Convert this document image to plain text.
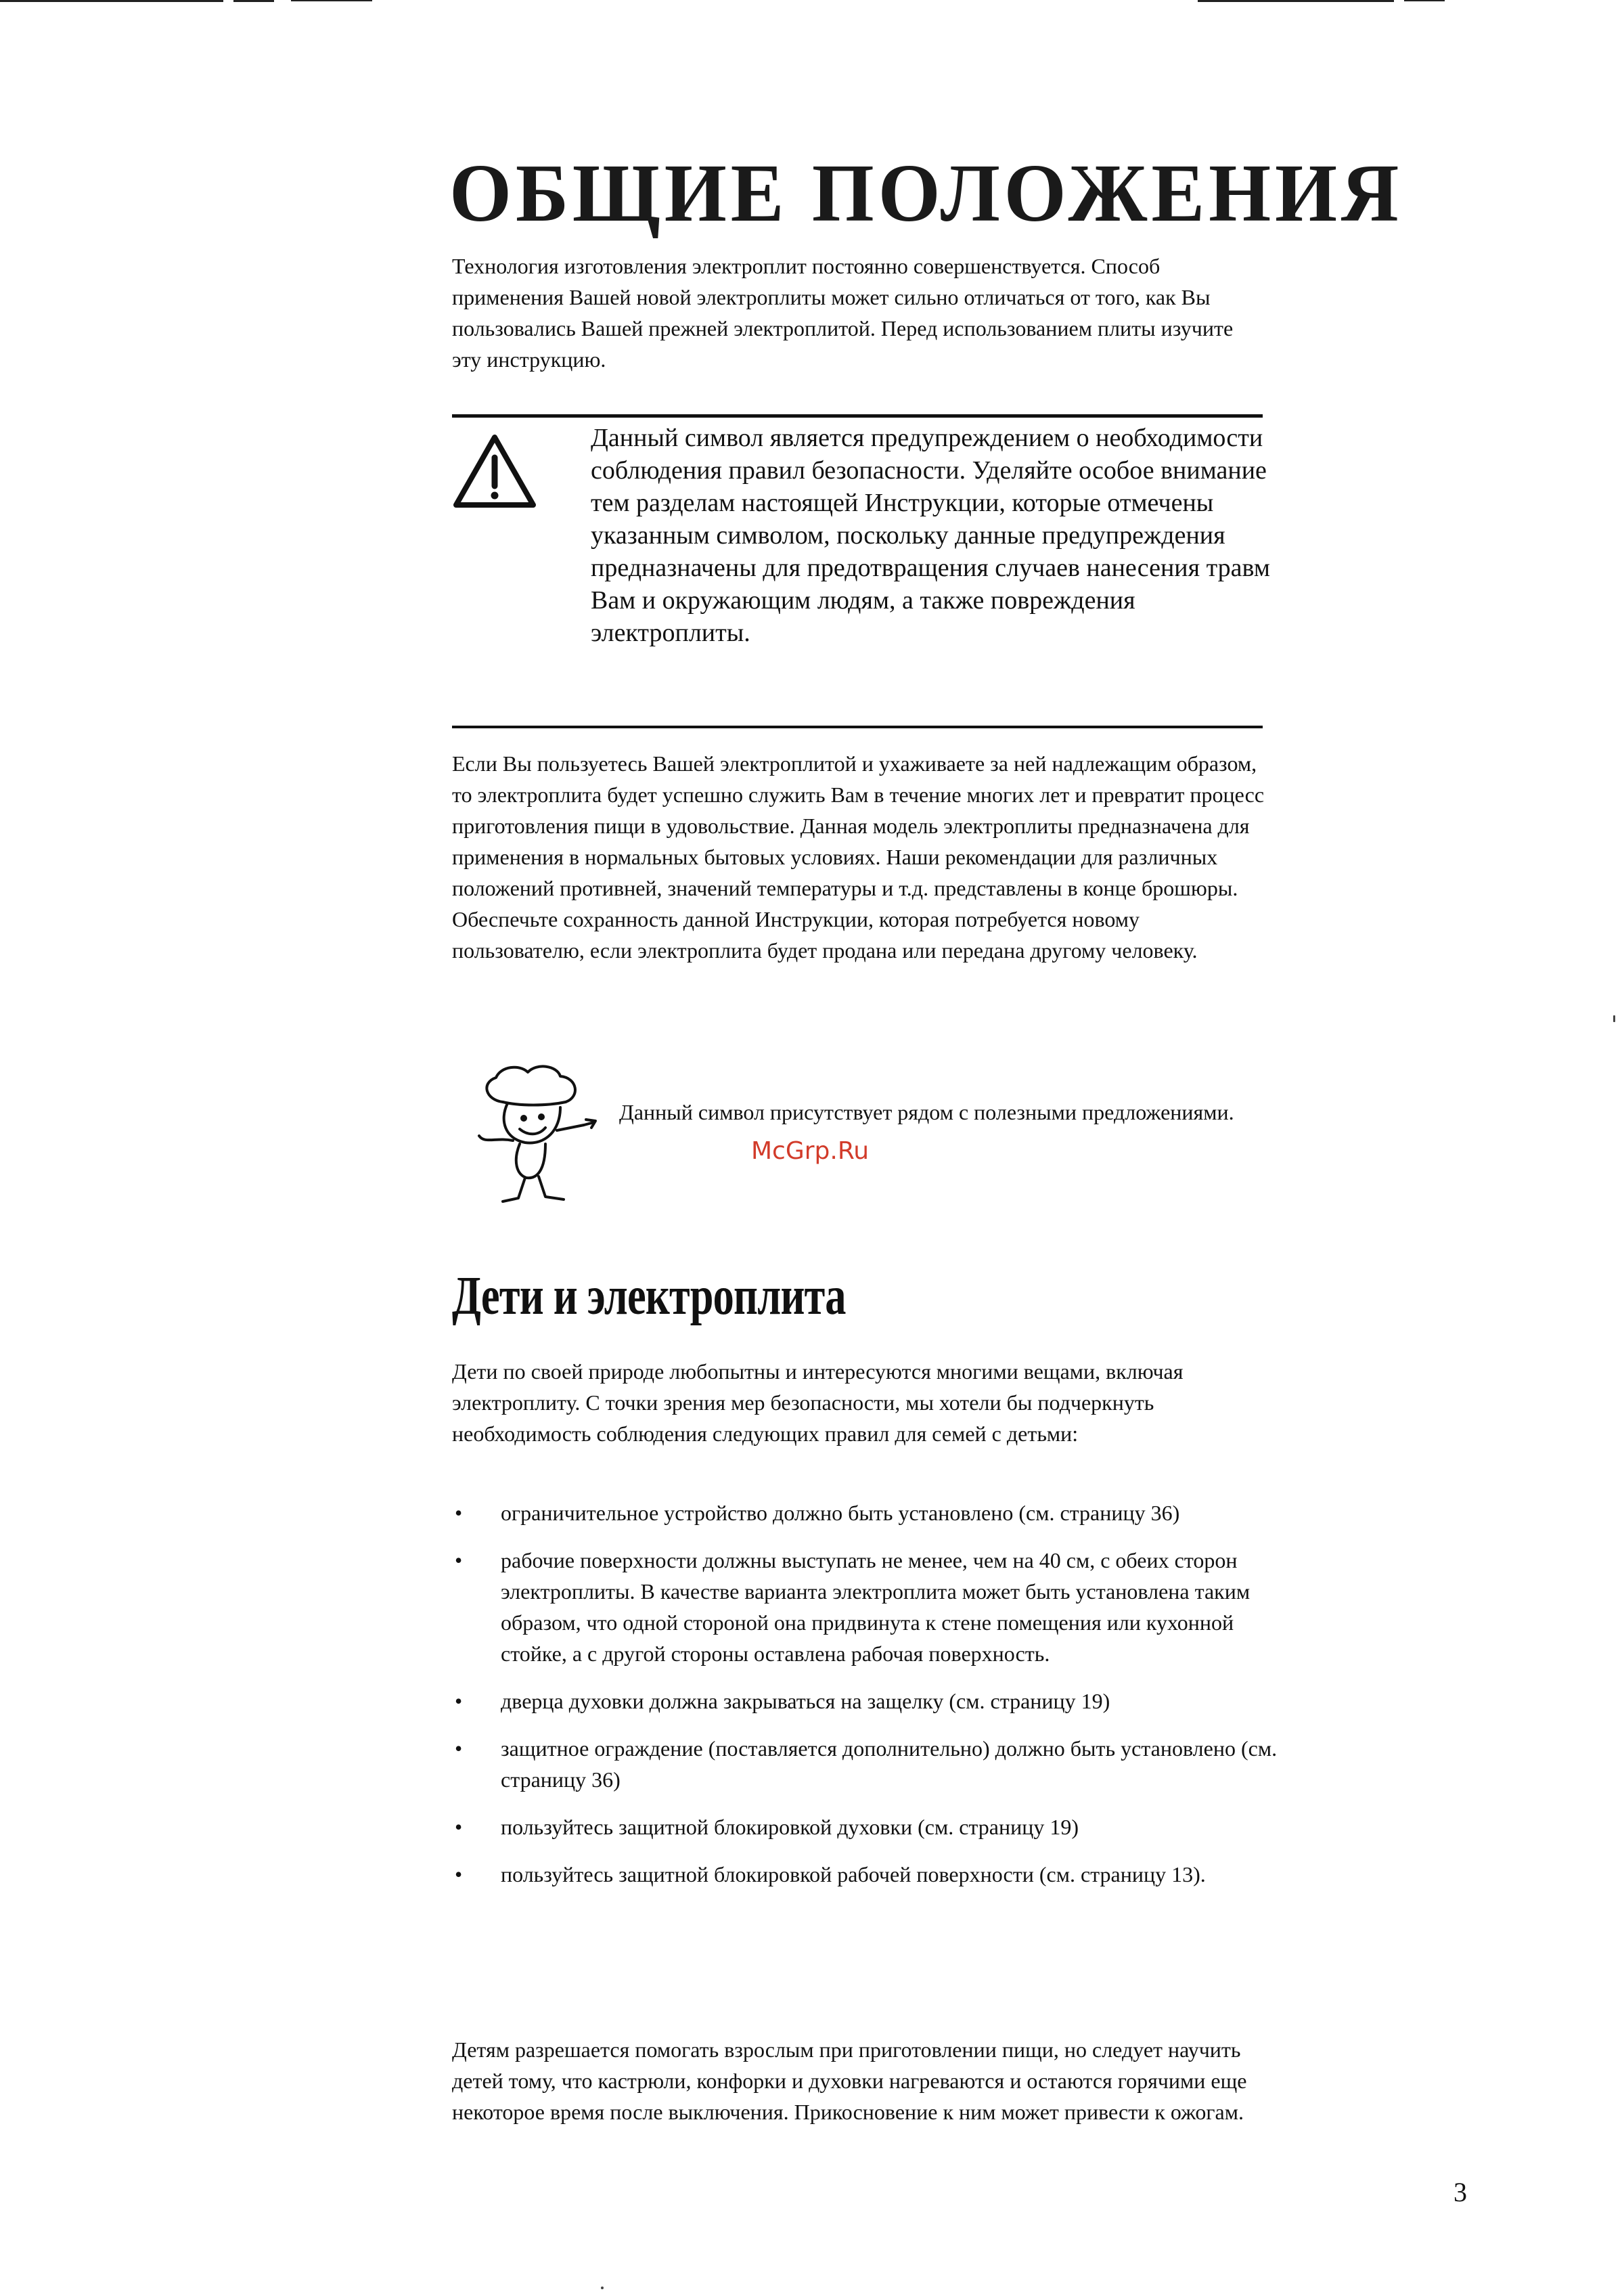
ОБЩИЕ ПОЛОЖЕНИЯ

Технология изготовления электроплит постоянно совершенствуется. Способ применения Вашей новой электроплиты может сильно отличаться от того, как Вы пользовались Вашей прежней электроплитой. Перед использованием плиты изучите эту инструкцию.

Данный символ является предупреждением о необходимости соблюдения правил безопасности. Уделяйте особое внимание тем разделам настоящей Инструкции, которые отмечены указанным символом, поскольку данные предупреждения предназначены для предотвращения случаев нанесения травм Вам и окружающим людям, а также повреждения электроплиты.

Если Вы пользуетесь Вашей электроплитой и ухаживаете за ней надлежащим образом, то электроплита будет успешно служить Вам в течение многих лет и превратит процесс приготовления пищи в удовольствие. Данная модель электроплиты предназначена для применения в нормальных бытовых условиях. Наши рекомендации для различных положений противней, значений температуры и т.д. представлены в конце брошюры. Обеспечьте сохранность данной Инструкции, которая потребуется новому пользователю, если электроплита будет продана или передана другому человеку.

Данный символ присутствует рядом с полезными предложениями.

McGrp.Ru
Дети и электроплита

Дети по своей природе любопытны и интересуются многими вещами, включая электроплиту. С точки зрения мер безопасности, мы хотели бы подчеркнуть необходимость соблюдения следующих правил для семей с детьми:

• ограничительное устройство должно быть установлено (см. страницу 36)
• рабочие поверхности должны выступать не менее, чем на 40 см, с обеих сторон электроплиты. В качестве варианта электроплита может быть установлена таким образом, что одной стороной она придвинута к стене помещения или кухонной стойке, а с другой стороны оставлена рабочая поверхность.
• дверца духовки должна закрываться на защелку (см. страницу 19)
• защитное ограждение (поставляется дополнительно) должно быть установлено (см. страницу 36)
• пользуйтесь защитной блокировкой духовки (см. страницу 19)
• пользуйтесь защитной блокировкой рабочей поверхности (см. страницу 13).

Детям разрешается помогать взрослым при приготовлении пищи, но следует научить детей тому, что кастрюли, конфорки и духовки нагреваются и остаются горячими еще некоторое время после выключения. Прикосновение к ним может привести к ожогам.

3
